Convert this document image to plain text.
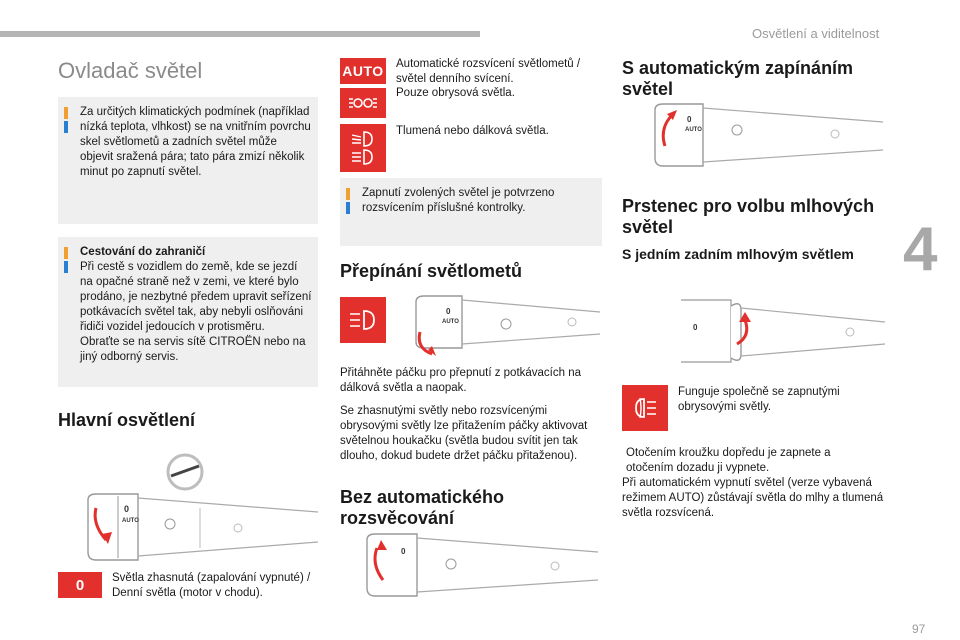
Osvětlení a viditelnost
4
97
Ovladač světel
Za určitých klimatických podmínek (například nízká teplota, vlhkost) se na vnitřním povrchu skel světlometů a zadních světel může objevit sražená pára; tato pára zmizí několik minut po zapnutí světel.
Cestování do zahraničí
Při cestě s vozidlem do země, kde se jezdí na opačné straně než v zemi, ve které bylo prodáno, je nezbytné předem upravit seřízení potkávacích světel tak, aby nebyli oslňováni řidiči vozidel jedoucích v protisměru.
Obraťte se na servis sítě CITROËN nebo na jiný odborný servis.
Hlavní osvětlení
0
AUTO
0 Světla zhasnutá (zapalování vypnuté) / Denní světla (motor v chodu).
AUTO Automatické rozsvícení světlometů / světel denního svícení.
Pouze obrysová světla.
Tlumená nebo dálková světla.
Zapnutí zvolených světel je potvrzeno rozsvícením příslušné kontrolky.
Přepínání světlometů
0
AUTO
Přitáhněte páčku pro přepnutí z potkávacích na dálková světla a naopak.
Se zhasnutými světly nebo rozsvícenými obrysovými světly lze přitažením páčky aktivovat světelnou houkačku (světla budou svítit jen tak dlouho, dokud budete držet páčku přitaženou).
Bez automatického rozsvěcování
0
S automatickým zapínáním světel
0
AUTO
Prstenec pro volbu mlhových světel
S jedním zadním mlhovým světlem
0
Funguje společně se zapnutými obrysovými světly.
Otočením kroužku dopředu je zapnete a otočením dozadu ji vypnete.
Při automatickém vypnutí světel (verze vybavená režimem AUTO) zůstávají světla do mlhy a tlumená světla rozsvícená.
